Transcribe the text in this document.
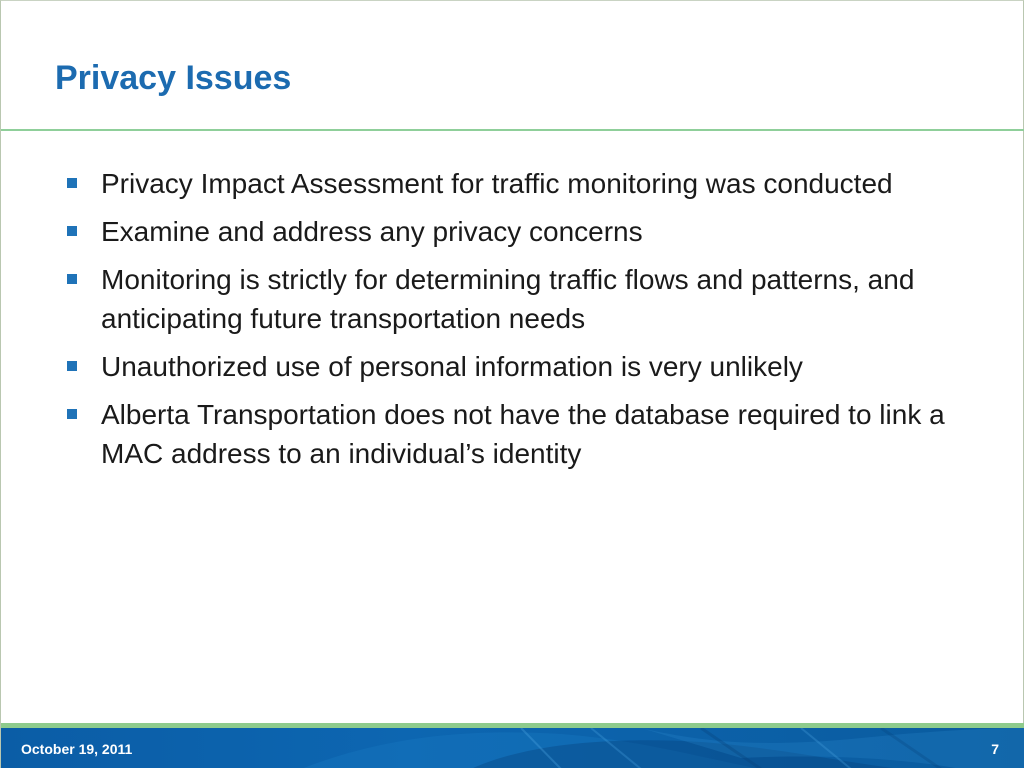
Privacy Issues
Privacy Impact Assessment for traffic monitoring was conducted
Examine and address any privacy concerns
Monitoring is strictly for determining traffic flows and patterns, and anticipating future transportation needs
Unauthorized use of personal information is very unlikely
Alberta Transportation does not have the database required to link a MAC address to an individual’s identity
October 19, 2011	7
